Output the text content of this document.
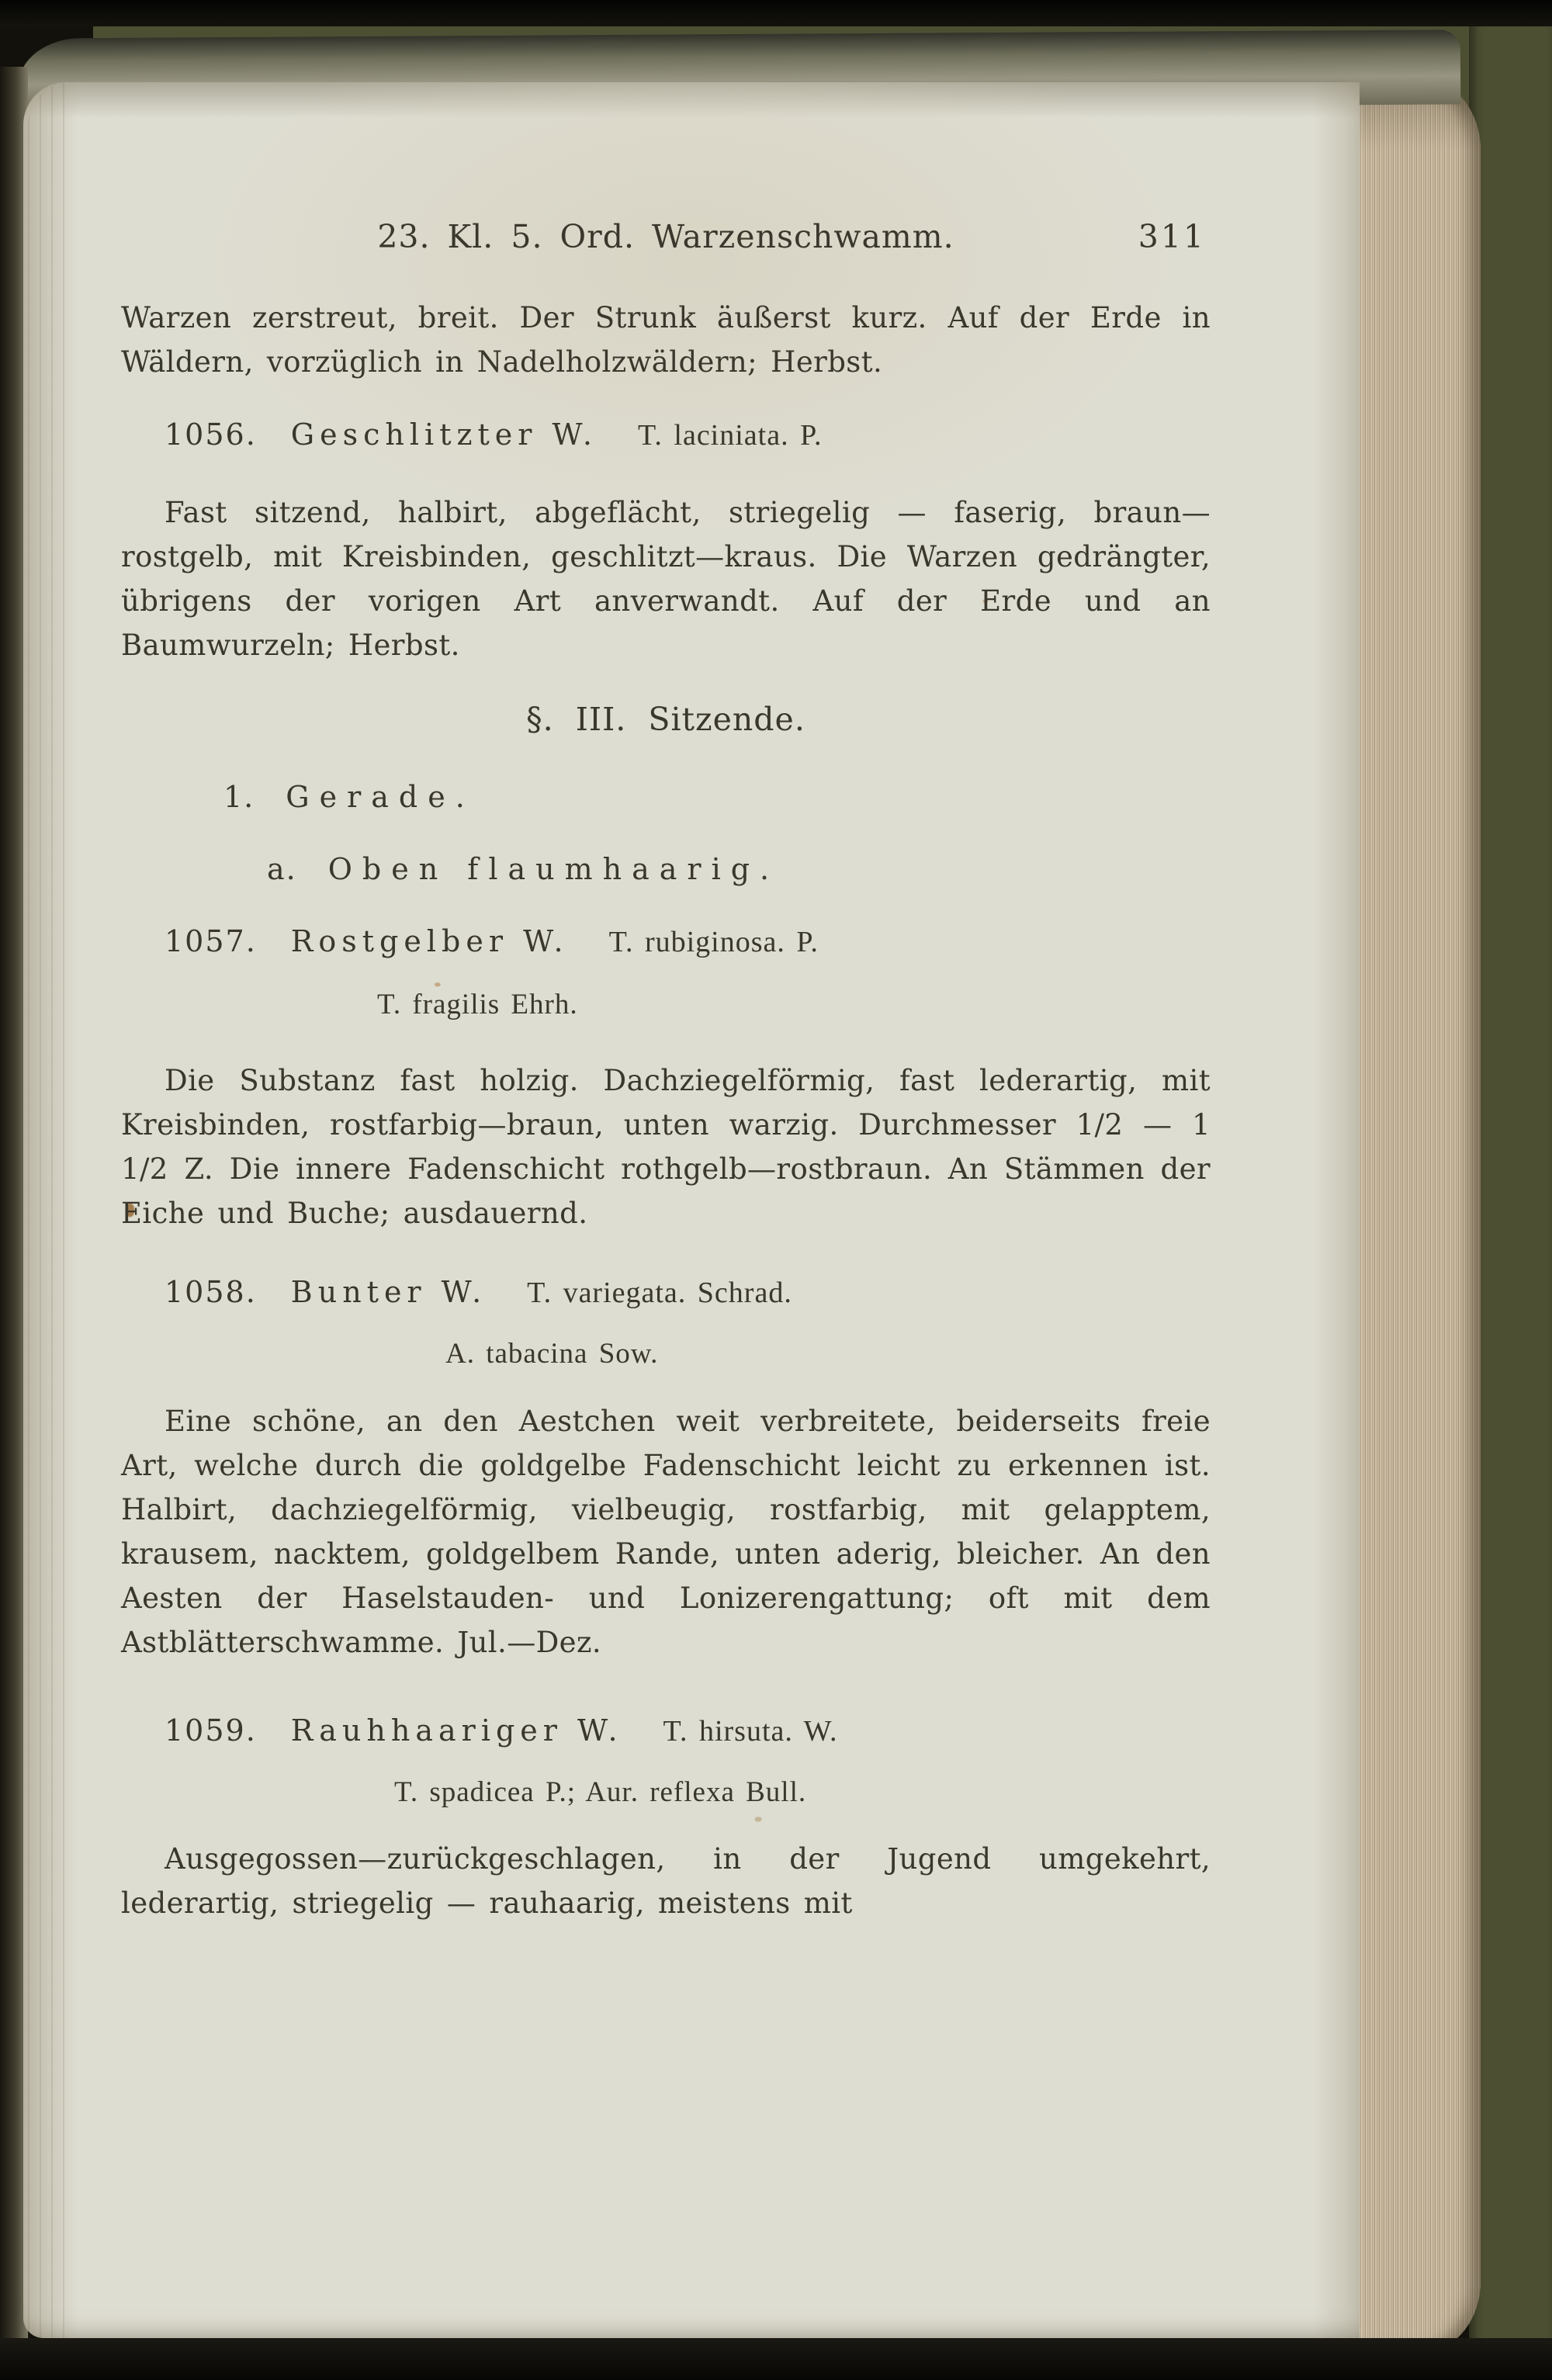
23. Kl. 5. Ord. Warzenschwamm.	311
Warzen zerstreut, breit. Der Strunk äußerst kurz. Auf der Erde in Wäldern, vorzüglich in Nadelholzwäldern; Herbst.
1056. Geschlitzter W. T. laciniata. P.
Fast sitzend, halbirt, abgeflächt, striegelig — faserig, braun—rostgelb, mit Kreisbinden, geschlitzt—kraus. Die Warzen gedrängter, übrigens der vorigen Art anverwandt. Auf der Erde und an Baumwurzeln; Herbst.
§. III. Sitzende.
1. Gerade.
a. Oben flaumhaarig.
1057. Rostgelber W. T. rubiginosa. P.
T. fragilis Ehrh.
Die Substanz fast holzig. Dachziegelförmig, fast lederartig, mit Kreisbinden, rostfarbig—braun, unten warzig. Durchmesser 1/2 — 1 1/2 Z. Die innere Fadenschicht rothgelb—rostbraun. An Stämmen der Eiche und Buche; ausdauernd.
1058. Bunter W. T. variegata. Schrad.
A. tabacina Sow.
Eine schöne, an den Aestchen weit verbreitete, beiderseits freie Art, welche durch die goldgelbe Fadenschicht leicht zu erkennen ist. Halbirt, dachziegelförmig, vielbeugig, rostfarbig, mit gelapptem, krausem, nacktem, goldgelbem Rande, unten aderig, bleicher. An den Aesten der Haselstauden- und Lonizerengattung; oft mit dem Astblätterschwamme. Jul.—Dez.
1059. Rauhhaariger W. T. hirsuta. W.
T. spadicea P.; Aur. reflexa Bull.
Ausgegossen—zurückgeschlagen, in der Jugend umgekehrt, lederartig, striegelig — rauhaarig, meistens mit
